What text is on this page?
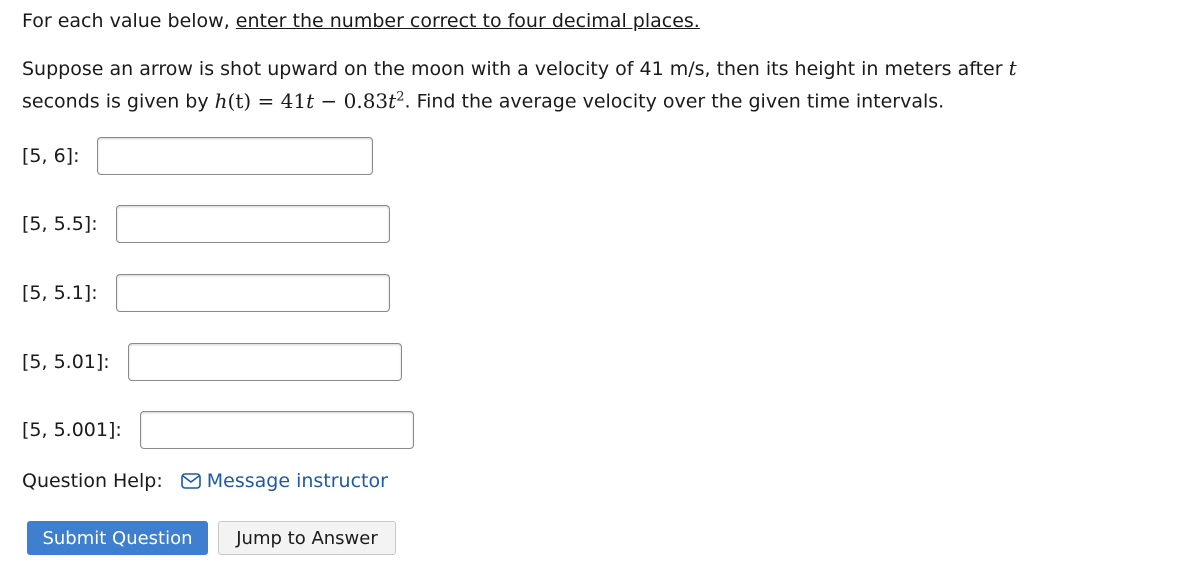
For each value below, enter the number correct to four decimal places.
Suppose an arrow is shot upward on the moon with a velocity of 41 m/s, then its height in meters after t
seconds is given by $h(t) = 41t - 0.83t^2$. Find the average velocity over the given time intervals.
[5, 6]:
[5, 5.5]:
[5, 5.1]:
[5, 5.01]:
[5, 5.001]:
Question Help: Message instructor
Submit Question	Jump to Answer
